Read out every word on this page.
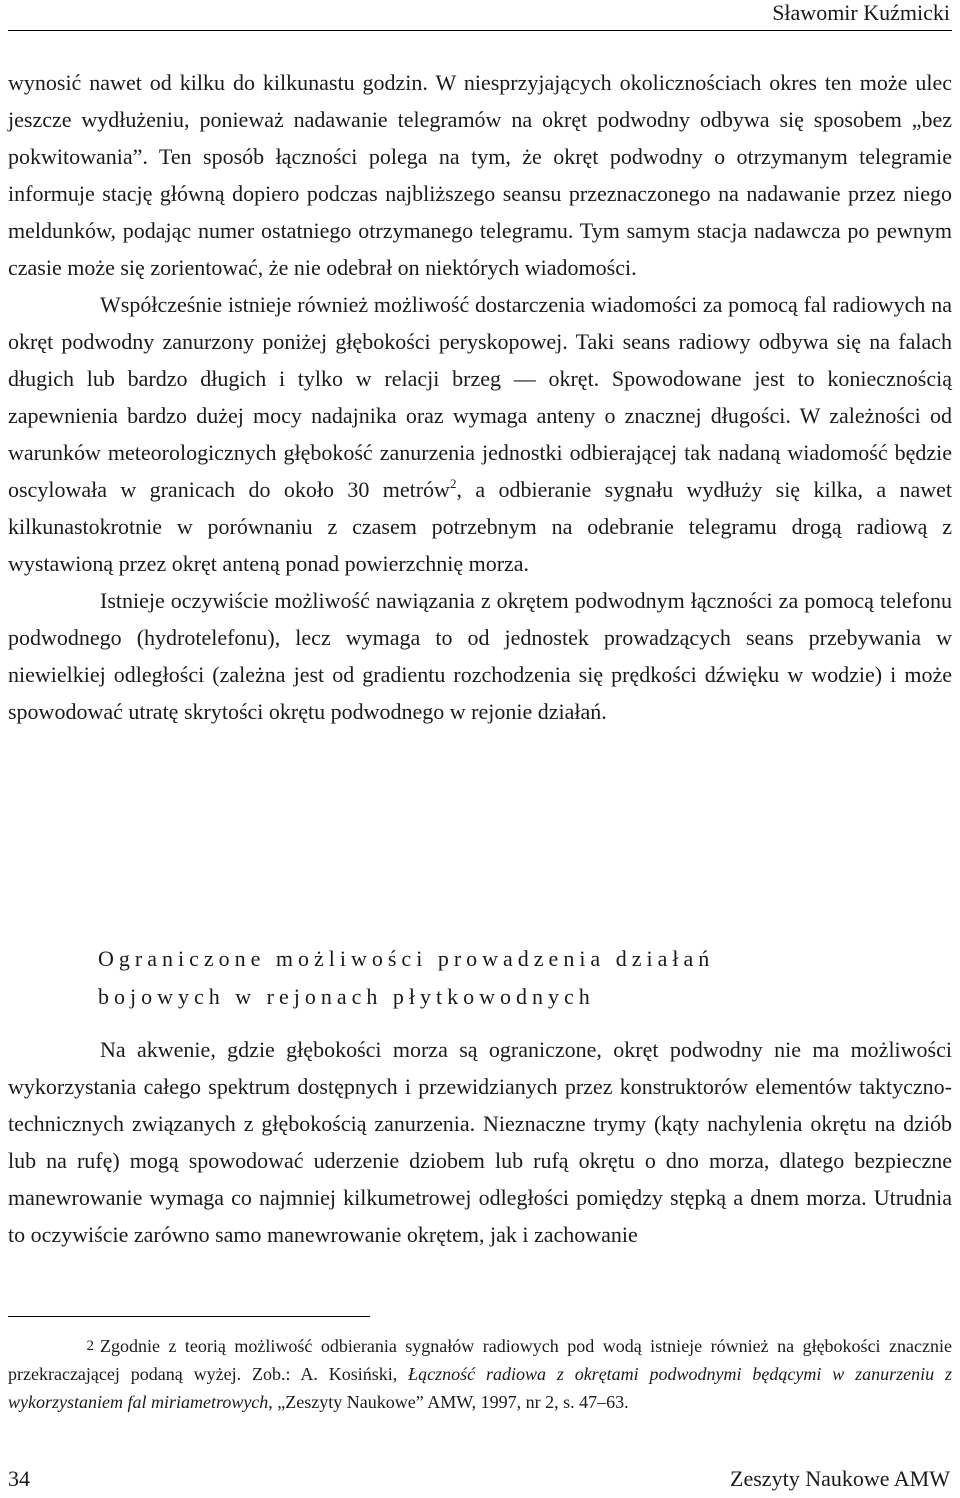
Sławomir Kuźmicki

wynosić nawet od kilku do kilkunastu godzin. W niesprzyjających okolicznościach okres ten może ulec jeszcze wydłużeniu, ponieważ nadawanie telegramów na okręt podwodny odbywa się sposobem „bez pokwitowania”. Ten sposób łączności polega na tym, że okręt podwodny o otrzymanym telegramie informuje stację główną dopiero podczas najbliższego seansu przeznaczonego na nadawanie przez niego meldunków, podając numer ostatniego otrzymanego telegramu. Tym samym stacja nadawcza po pewnym czasie może się zorientować, że nie odebrał on niektórych wiadomości.

Współcześnie istnieje również możliwość dostarczenia wiadomości za pomocą fal radiowych na okręt podwodny zanurzony poniżej głębokości peryskopowej. Taki seans radiowy odbywa się na falach długich lub bardzo długich i tylko w relacji brzeg — okręt. Spowodowane jest to koniecznością zapewnienia bardzo dużej mocy nadajnika oraz wymaga anteny o znacznej długości. W zależności od warunków meteorologicznych głębokość zanurzenia jednostki odbierającej tak nadaną wiadomość będzie oscylowała w granicach do około 30 metrów$^2$, a odbieranie sygnału wydłuży się kilka, a nawet kilkunastokrotnie w porównaniu z czasem potrzebnym na odebranie telegramu drogą radiową z wystawioną przez okręt anteną ponad powierzchnię morza.

Istnieje oczywiście możliwość nawiązania z okrętem podwodnym łączności za pomocą telefonu podwodnego (hydrotelefonu), lecz wymaga to od jednostek prowadzących seans przebywania w niewielkiej odległości (zależna jest od gradientu rozchodzenia się prędkości dźwięku w wodzie) i może spowodować utratę skrytości okrętu podwodnego w rejonie działań.

Ograniczone możliwości prowadzenia działań
bojowych w rejonach płytkowodnych

Na akwenie, gdzie głębokości morza są ograniczone, okręt podwodny nie ma możliwości wykorzystania całego spektrum dostępnych i przewidzianych przez konstruktorów elementów taktyczno-technicznych związanych z głębokością zanurzenia. Nieznaczne trymy (kąty nachylenia okrętu na dziób lub na rufę) mogą spowodować uderzenie dziobem lub rufą okrętu o dno morza, dlatego bezpieczne manewrowanie wymaga co najmniej kilkumetrowej odległości pomiędzy stępką a dnem morza. Utrudnia to oczywiście zarówno samo manewrowanie okrętem, jak i zachowanie

2 Zgodnie z teorią możliwość odbierania sygnałów radiowych pod wodą istnieje również na głębokości znacznie przekraczającej podaną wyżej. Zob.: A. Kosiński, Łączność radiowa z okrętami podwodnymi będącymi w zanurzeniu z wykorzystaniem fal miriametrowych, „Zeszyty Naukowe” AMW, 1997, nr 2, s. 47–63.
34	Zeszyty Naukowe AMW
